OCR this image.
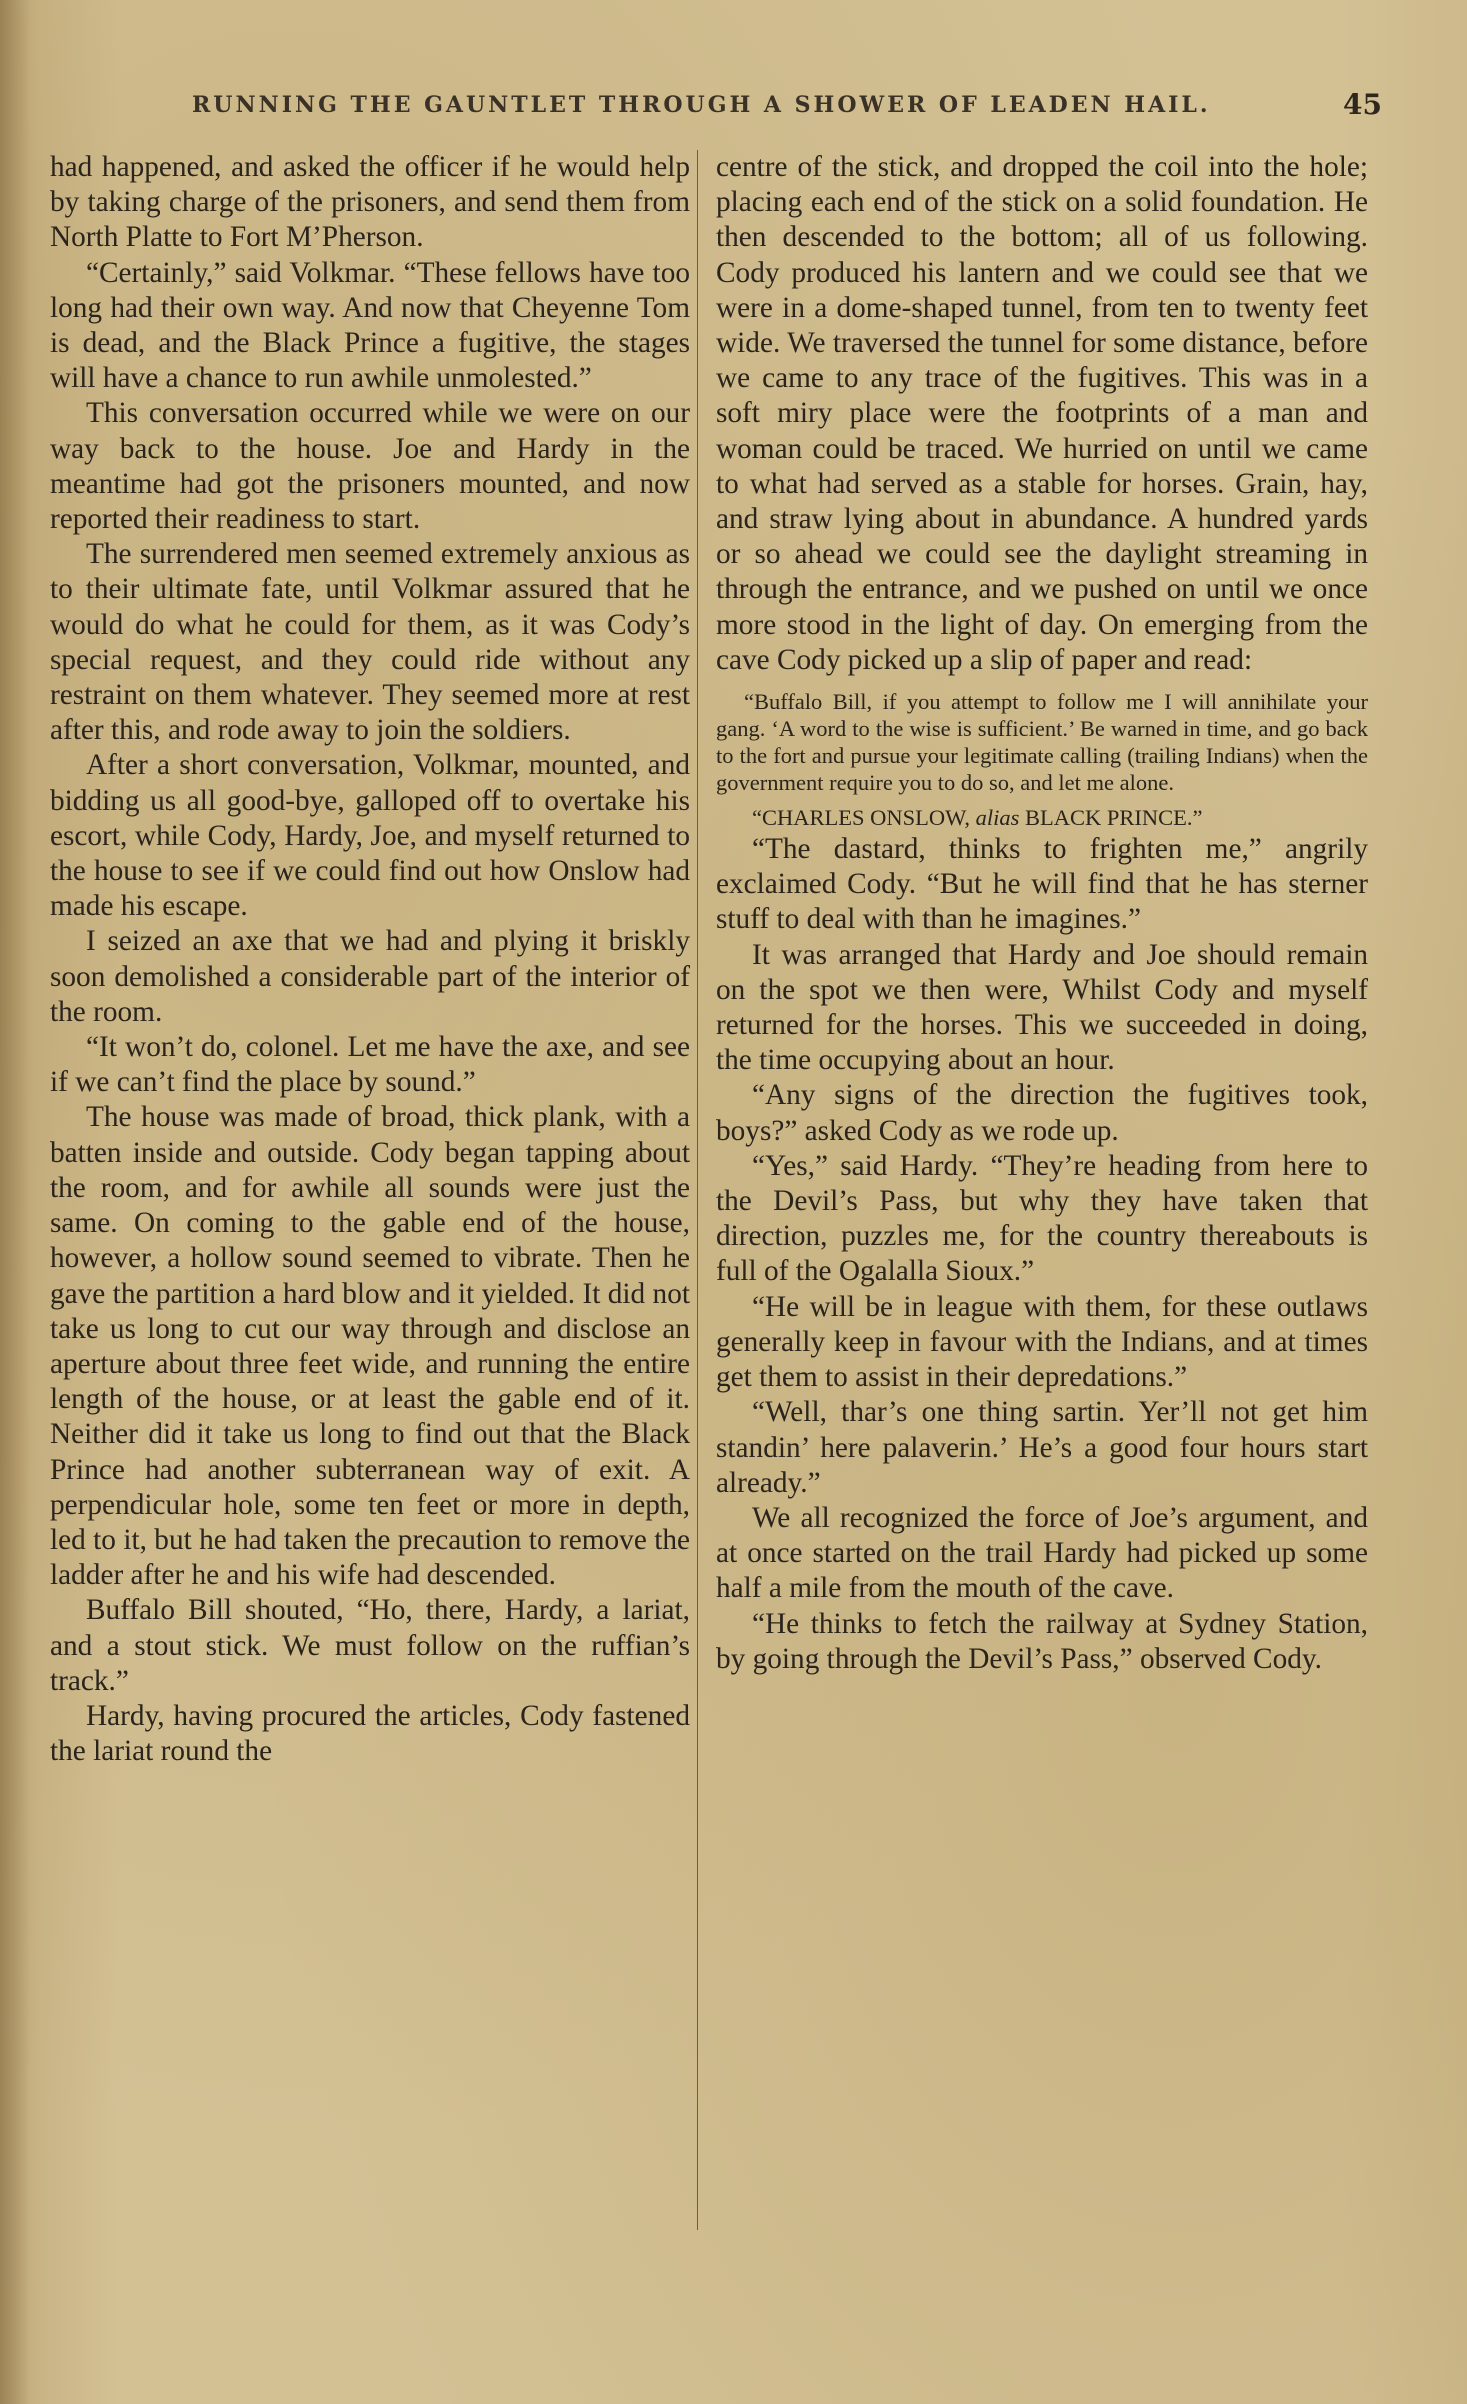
RUNNING THE GAUNTLET THROUGH A SHOWER OF LEADEN HAIL.	45

had happened, and asked the officer if he would help by taking charge of the prisoners, and send them from North Platte to Fort M’Pherson.

“Certainly,” said Volkmar. “These fellows have too long had their own way. And now that Cheyenne Tom is dead, and the Black Prince a fugitive, the stages will have a chance to run awhile unmolested.”

This conversation occurred while we were on our way back to the house. Joe and Hardy in the meantime had got the prisoners mounted, and now reported their readiness to start.

The surrendered men seemed extremely anxious as to their ultimate fate, until Volkmar assured that he would do what he could for them, as it was Cody’s special request, and they could ride without any restraint on them whatever. They seemed more at rest after this, and rode away to join the soldiers.

After a short conversation, Volkmar, mounted, and bidding us all good-bye, galloped off to overtake his escort, while Cody, Hardy, Joe, and myself returned to the house to see if we could find out how Onslow had made his escape.

I seized an axe that we had and plying it briskly soon demolished a considerable part of the interior of the room.

“It won’t do, colonel. Let me have the axe, and see if we can’t find the place by sound.”

The house was made of broad, thick plank, with a batten inside and outside. Cody began tapping about the room, and for awhile all sounds were just the same. On coming to the gable end of the house, however, a hollow sound seemed to vibrate. Then he gave the partition a hard blow and it yielded. It did not take us long to cut our way through and disclose an aperture about three feet wide, and running the entire length of the house, or at least the gable end of it. Neither did it take us long to find out that the Black Prince had another subterranean way of exit. A perpendicular hole, some ten feet or more in depth, led to it, but he had taken the precaution to remove the ladder after he and his wife had descended.

Buffalo Bill shouted, “Ho, there, Hardy, a lariat, and a stout stick. We must follow on the ruffian’s track.”

Hardy, having procured the articles, Cody fastened the lariat round the

centre of the stick, and dropped the coil into the hole; placing each end of the stick on a solid foundation. He then descended to the bottom; all of us following. Cody produced his lantern and we could see that we were in a dome-shaped tunnel, from ten to twenty feet wide. We traversed the tunnel for some distance, before we came to any trace of the fugitives. This was in a soft miry place were the footprints of a man and woman could be traced. We hurried on until we came to what had served as a stable for horses. Grain, hay, and straw lying about in abundance. A hundred yards or so ahead we could see the daylight streaming in through the entrance, and we pushed on until we once more stood in the light of day. On emerging from the cave Cody picked up a slip of paper and read:

“Buffalo Bill, if you attempt to follow me I will annihilate your gang. ‘A word to the wise is sufficient.’ Be warned in time, and go back to the fort and pursue your legitimate calling (trailing Indians) when the government require you to do so, and let me alone.

“CHARLES ONSLOW, alias BLACK PRINCE.”

“The dastard, thinks to frighten me,” angrily exclaimed Cody. “But he will find that he has sterner stuff to deal with than he imagines.”

It was arranged that Hardy and Joe should remain on the spot we then were, Whilst Cody and myself returned for the horses. This we succeeded in doing, the time occupying about an hour.

“Any signs of the direction the fugitives took, boys?” asked Cody as we rode up.

“Yes,” said Hardy. “They’re heading from here to the Devil’s Pass, but why they have taken that direction, puzzles me, for the country thereabouts is full of the Ogalalla Sioux.”

“He will be in league with them, for these outlaws generally keep in favour with the Indians, and at times get them to assist in their depredations.”

“Well, thar’s one thing sartin. Yer’ll not get him standin’ here palaverin.’ He’s a good four hours start already.”

We all recognized the force of Joe’s argument, and at once started on the trail Hardy had picked up some half a mile from the mouth of the cave.

“He thinks to fetch the railway at Sydney Station, by going through the Devil’s Pass,” observed Cody.
